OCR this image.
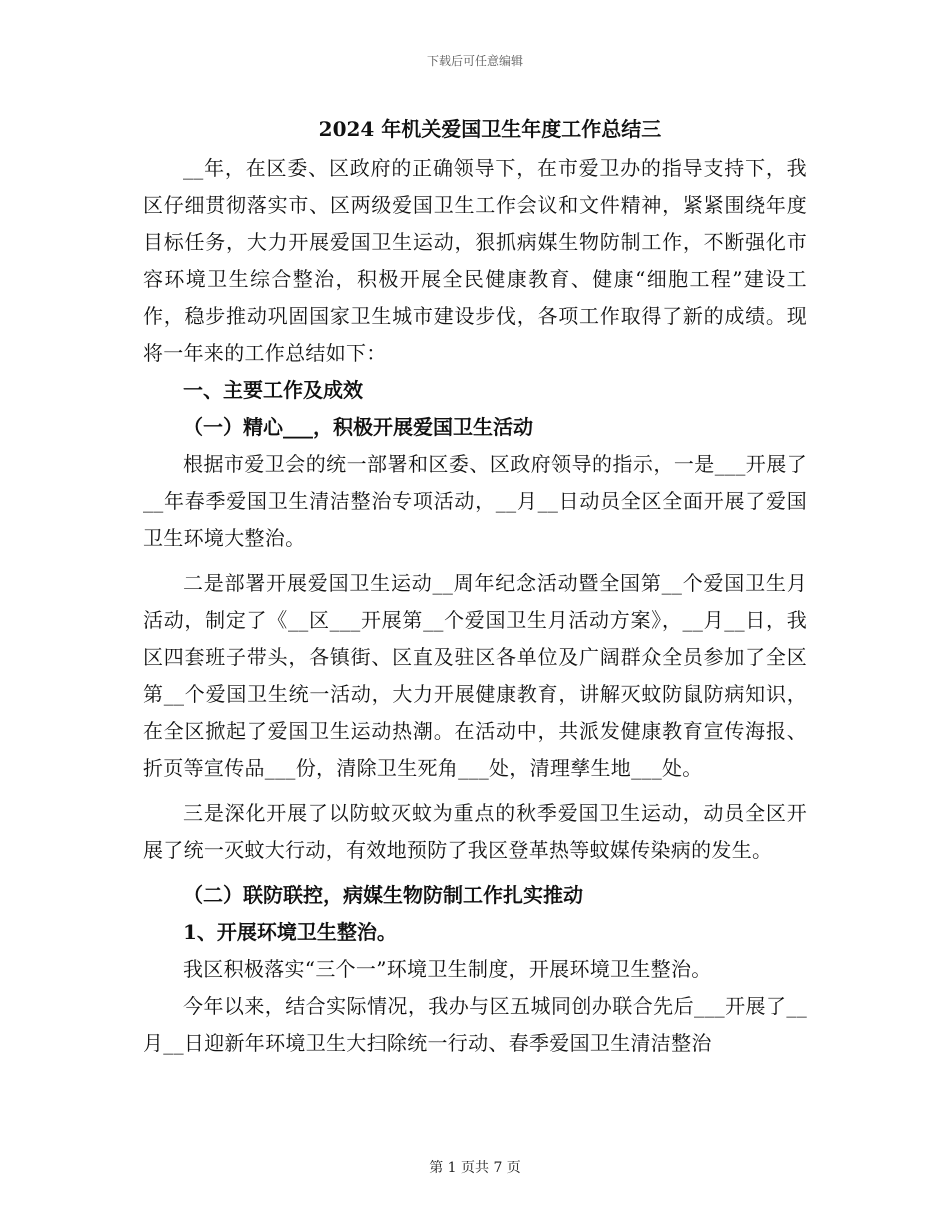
下载后可任意编辑
2024 年机关爱国卫生年度工作总结三

__年，在区委、区政府的正确领导下，在市爱卫办的指导支持下，我区仔细贯彻落实市、区两级爱国卫生工作会议和文件精神，紧紧围绕年度目标任务，大力开展爱国卫生运动，狠抓病媒生物防制工作，不断强化市容环境卫生综合整治，积极开展全民健康教育、健康“细胞工程”建设工作，稳步推动巩固国家卫生城市建设步伐，各项工作取得了新的成绩。现将一年来的工作总结如下：

一、主要工作及成效

（一）精心___，积极开展爱国卫生活动

根据市爱卫会的统一部署和区委、区政府领导的指示，一是___开展了__年春季爱国卫生清洁整治专项活动，__月__日动员全区全面开展了爱国卫生环境大整治。

二是部署开展爱国卫生运动__周年纪念活动暨全国第__个爱国卫生月活动，制定了《__区___开展第__个爱国卫生月活动方案》，__月__日，我区四套班子带头，各镇街、区直及驻区各单位及广阔群众全员参加了全区第__个爱国卫生统一活动，大力开展健康教育，讲解灭蚊防鼠防病知识，在全区掀起了爱国卫生运动热潮。在活动中，共派发健康教育宣传海报、折页等宣传品___份，清除卫生死角___处，清理孳生地___处。

三是深化开展了以防蚊灭蚊为重点的秋季爱国卫生运动，动员全区开展了统一灭蚊大行动，有效地预防了我区登革热等蚊媒传染病的发生。

（二）联防联控，病媒生物防制工作扎实推动

1、开展环境卫生整治。

我区积极落实“三个一”环境卫生制度，开展环境卫生整治。

今年以来，结合实际情况，我办与区五城同创办联合先后___开展了__月__日迎新年环境卫生大扫除统一行动、春季爱国卫生清洁整治

第 1 页共 7 页
